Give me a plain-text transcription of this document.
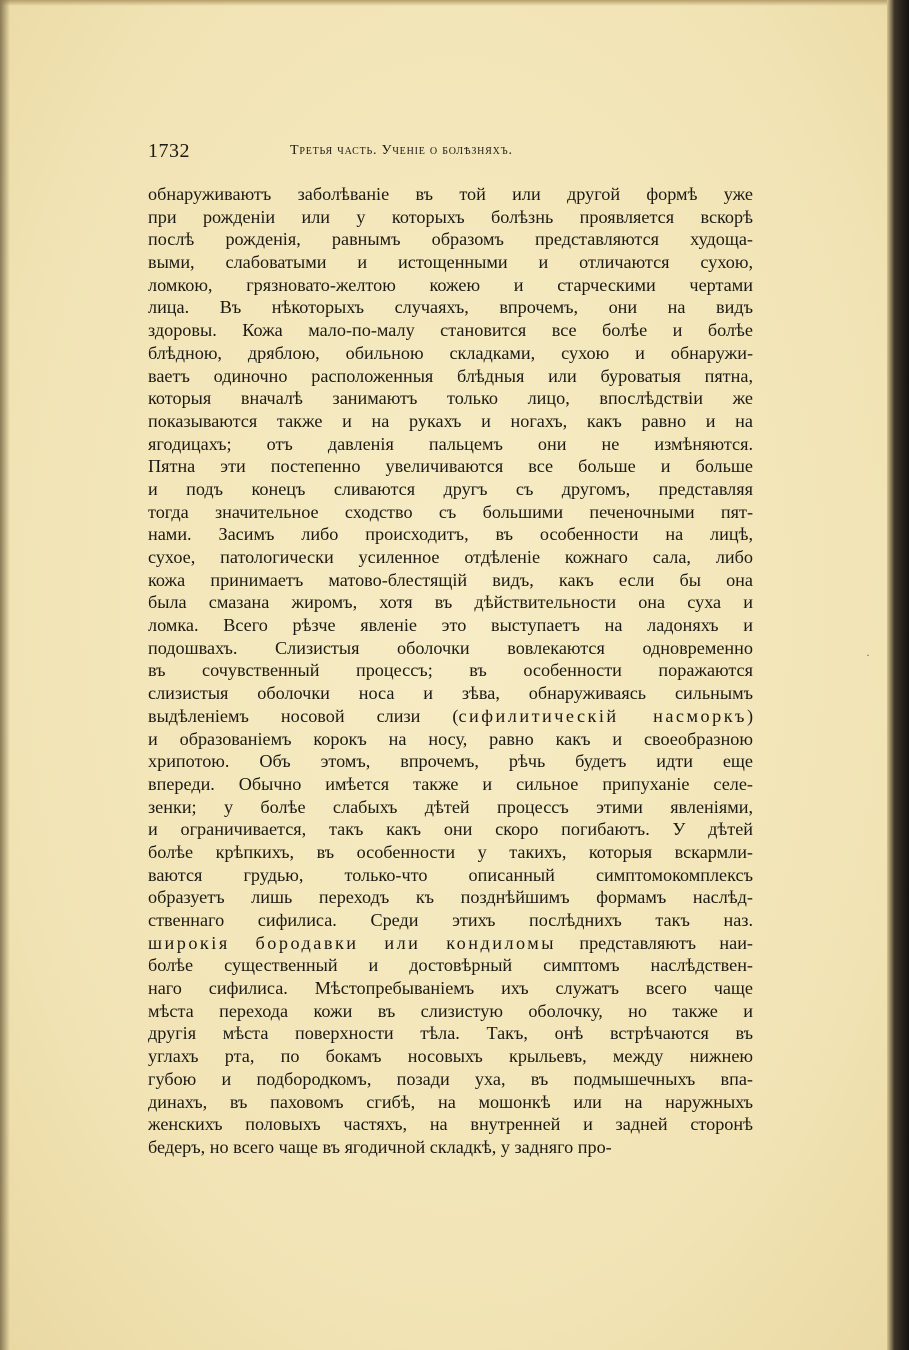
1732	Третья часть. Ученіе о болѣзняхъ.
обнаруживаютъ заболѣваніе въ той или другой формѣ уже
при рожденіи или у которыхъ болѣзнь проявляется вскорѣ
послѣ рожденія, равнымъ образомъ представляются худоща-
выми, слабоватыми и истощенными и отличаются сухою,
ломкою, грязновато-желтою кожею и старческими чертами
лица. Въ нѣкоторыхъ случаяхъ, впрочемъ, они на видъ
здоровы. Кожа мало-по-малу становится все болѣе и болѣе
блѣдною, дряблою, обильною складками, сухою и обнаружи-
ваетъ одиночно расположенныя блѣдныя или буроватыя пятна,
которыя вначалѣ занимаютъ только лицо, впослѣдствіи же
показываются также и на рукахъ и ногахъ, какъ равно и на
ягодицахъ; отъ давленія пальцемъ они не измѣняются.
Пятна эти постепенно увеличиваются все больше и больше
и подъ конецъ сливаются другъ съ другомъ, представляя
тогда значительное сходство съ большими печеночными пят-
нами. Засимъ либо происходитъ, въ особенности на лицѣ,
сухое, патологически усиленное отдѣленіе кожнаго сала, либо
кожа принимаетъ матово-блестящій видъ, какъ если бы она
была смазана жиромъ, хотя въ дѣйствительности она суха и
ломка. Всего рѣзче явленіе это выступаетъ на ладоняхъ и
подошвахъ. Слизистыя оболочки вовлекаются одновременно
въ сочувственный процессъ; въ особенности поражаются
слизистыя оболочки носа и зѣва, обнаруживаясь сильнымъ
выдѣленіемъ носовой слизи (сифилитическій насморкъ)
и образованіемъ корокъ на носу, равно какъ и своеобразною
хрипотою. Объ этомъ, впрочемъ, рѣчь будетъ идти еще
впереди. Обычно имѣется также и сильное припуханіе селе-
зенки; у болѣе слабыхъ дѣтей процессъ этими явленіями,
и ограничивается, такъ какъ они скоро погибаютъ. У дѣтей
болѣе крѣпкихъ, въ особенности у такихъ, которыя вскармли-
ваются грудью, только-что описанный симптомокомплексъ
образуетъ лишь переходъ къ позднѣйшимъ формамъ наслѣд-
ственнаго сифилиса. Среди этихъ послѣднихъ такъ наз.
широкія бородавки или кондиломы представляютъ наи-
болѣе существенный и достовѣрный симптомъ наслѣдствен-
наго сифилиса. Мѣстопребываніемъ ихъ служатъ всего чаще
мѣста перехода кожи въ слизистую оболочку, но также и
другія мѣста поверхности тѣла. Такъ, онѣ встрѣчаются въ
углахъ рта, по бокамъ носовыхъ крыльевъ, между нижнею
губою и подбородкомъ, позади уха, въ подмышечныхъ впа-
динахъ, въ паховомъ сгибѣ, на мошонкѣ или на наружныхъ
женскихъ половыхъ частяхъ, на внутренней и задней сторонѣ
бедеръ, но всего чаще въ ягодичной складкѣ, у задняго про-
·
